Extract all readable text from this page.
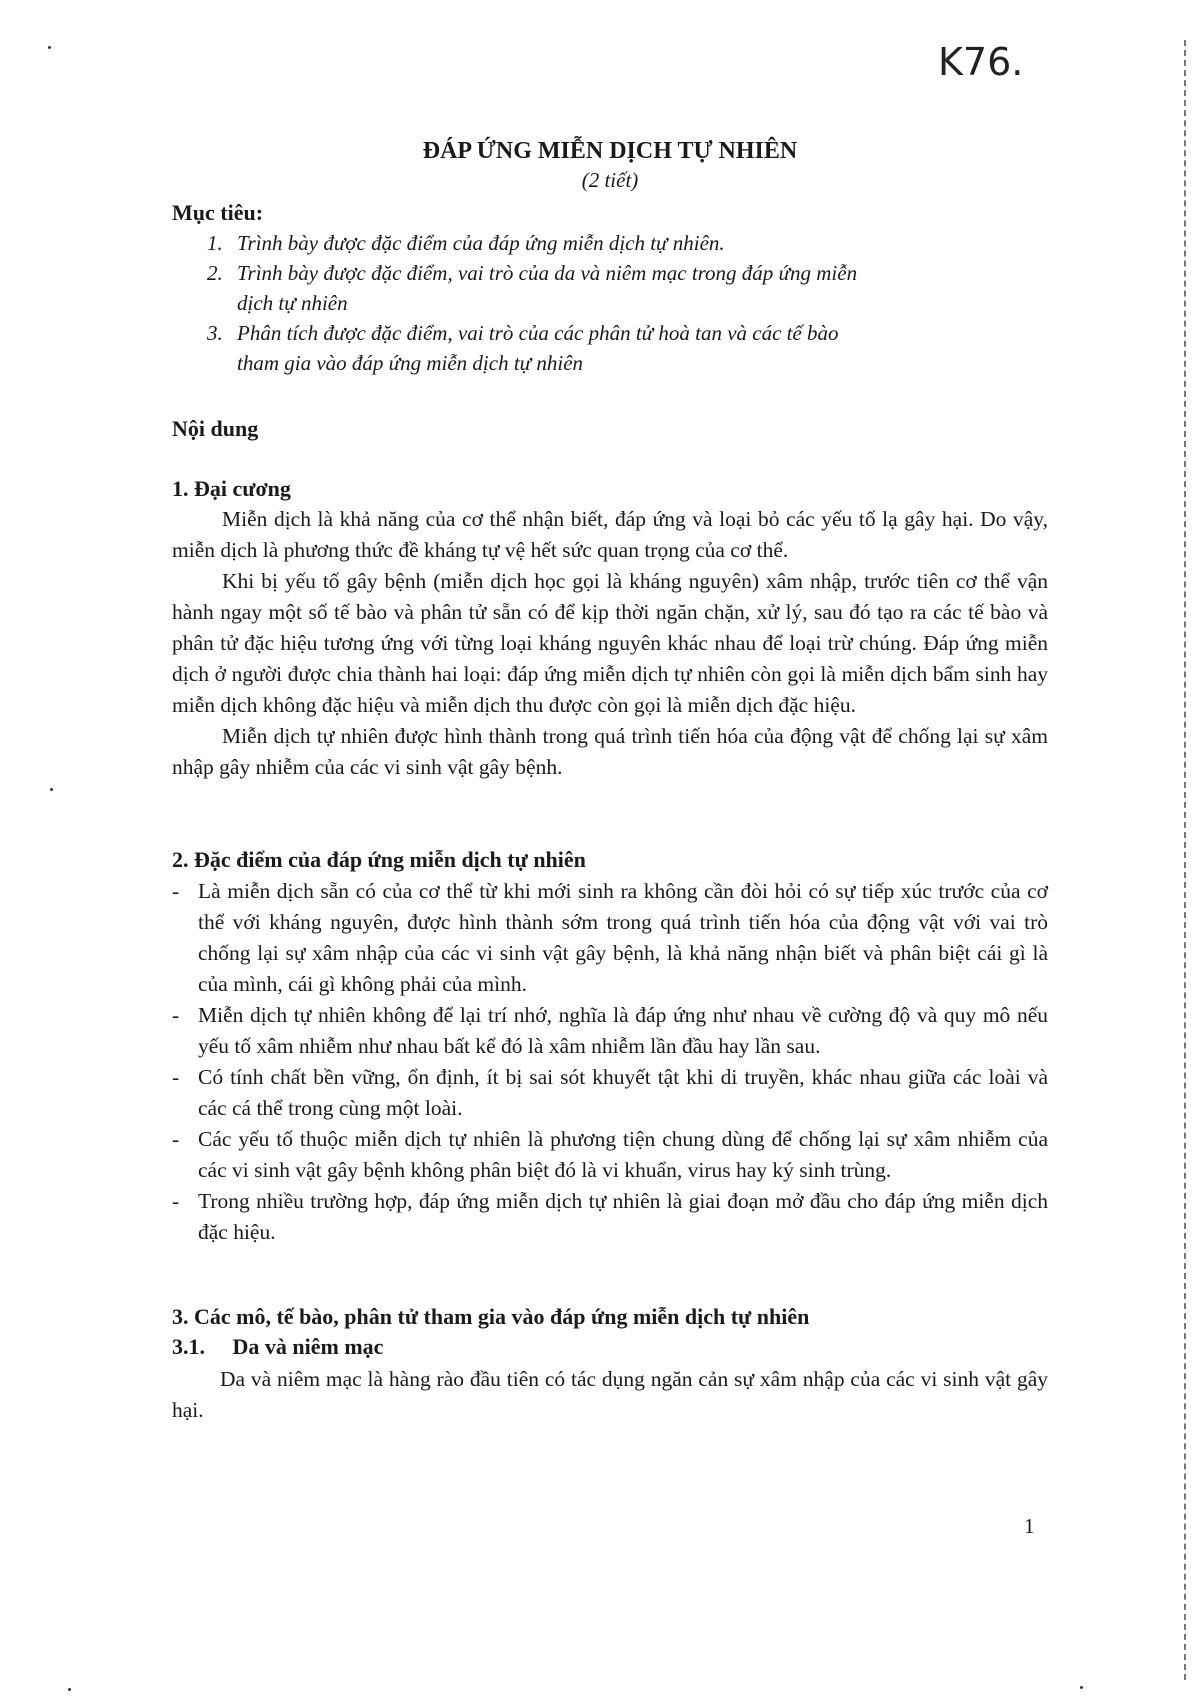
K76.
ĐÁP ỨNG MIỄN DỊCH TỰ NHIÊN
(2 tiết)
Mục tiêu:
1. Trình bày được đặc điểm của đáp ứng miễn dịch tự nhiên.
2. Trình bày được đặc điểm, vai trò của da và niêm mạc trong đáp ứng miễn
dịch tự nhiên
3. Phân tích được đặc điểm, vai trò của các phân tử hoà tan và các tế bào
tham gia vào đáp ứng miễn dịch tự nhiên
Nội dung
1. Đại cương
Miễn dịch là khả năng của cơ thể nhận biết, đáp ứng và loại bỏ các yếu tố lạ gây hại. Do vậy, miễn dịch là phương thức đề kháng tự vệ hết sức quan trọng của cơ thể.
Khi bị yếu tố gây bệnh (miễn dịch học gọi là kháng nguyên) xâm nhập, trước tiên cơ thể vận hành ngay một số tế bào và phân tử sẵn có để kịp thời ngăn chặn, xử lý, sau đó tạo ra các tế bào và phân tử đặc hiệu tương ứng với từng loại kháng nguyên khác nhau để loại trừ chúng. Đáp ứng miễn dịch ở người được chia thành hai loại: đáp ứng miễn dịch tự nhiên còn gọi là miễn dịch bẩm sinh hay miễn dịch không đặc hiệu và miễn dịch thu được còn gọi là miễn dịch đặc hiệu.
Miễn dịch tự nhiên được hình thành trong quá trình tiến hóa của động vật để chống lại sự xâm nhập gây nhiễm của các vi sinh vật gây bệnh.
2. Đặc điểm của đáp ứng miễn dịch tự nhiên
- Là miễn dịch sẵn có của cơ thể từ khi mới sinh ra không cần đòi hỏi có sự tiếp xúc trước của cơ thể với kháng nguyên, được hình thành sớm trong quá trình tiến hóa của động vật với vai trò chống lại sự xâm nhập của các vi sinh vật gây bệnh, là khả năng nhận biết và phân biệt cái gì là của mình, cái gì không phải của mình.
- Miễn dịch tự nhiên không để lại trí nhớ, nghĩa là đáp ứng như nhau về cường độ và quy mô nếu yếu tố xâm nhiễm như nhau bất kể đó là xâm nhiễm lần đầu hay lần sau.
- Có tính chất bền vững, ổn định, ít bị sai sót khuyết tật khi di truyền, khác nhau giữa các loài và các cá thể trong cùng một loài.
- Các yếu tố thuộc miễn dịch tự nhiên là phương tiện chung dùng để chống lại sự xâm nhiễm của các vi sinh vật gây bệnh không phân biệt đó là vi khuẩn, virus hay ký sinh trùng.
- Trong nhiều trường hợp, đáp ứng miễn dịch tự nhiên là giai đoạn mở đầu cho đáp ứng miễn dịch đặc hiệu.
3. Các mô, tế bào, phân tử tham gia vào đáp ứng miễn dịch tự nhiên
3.1.     Da và niêm mạc
Da và niêm mạc là hàng rào đầu tiên có tác dụng ngăn cản sự xâm nhập của các vi sinh vật gây hại.
1
